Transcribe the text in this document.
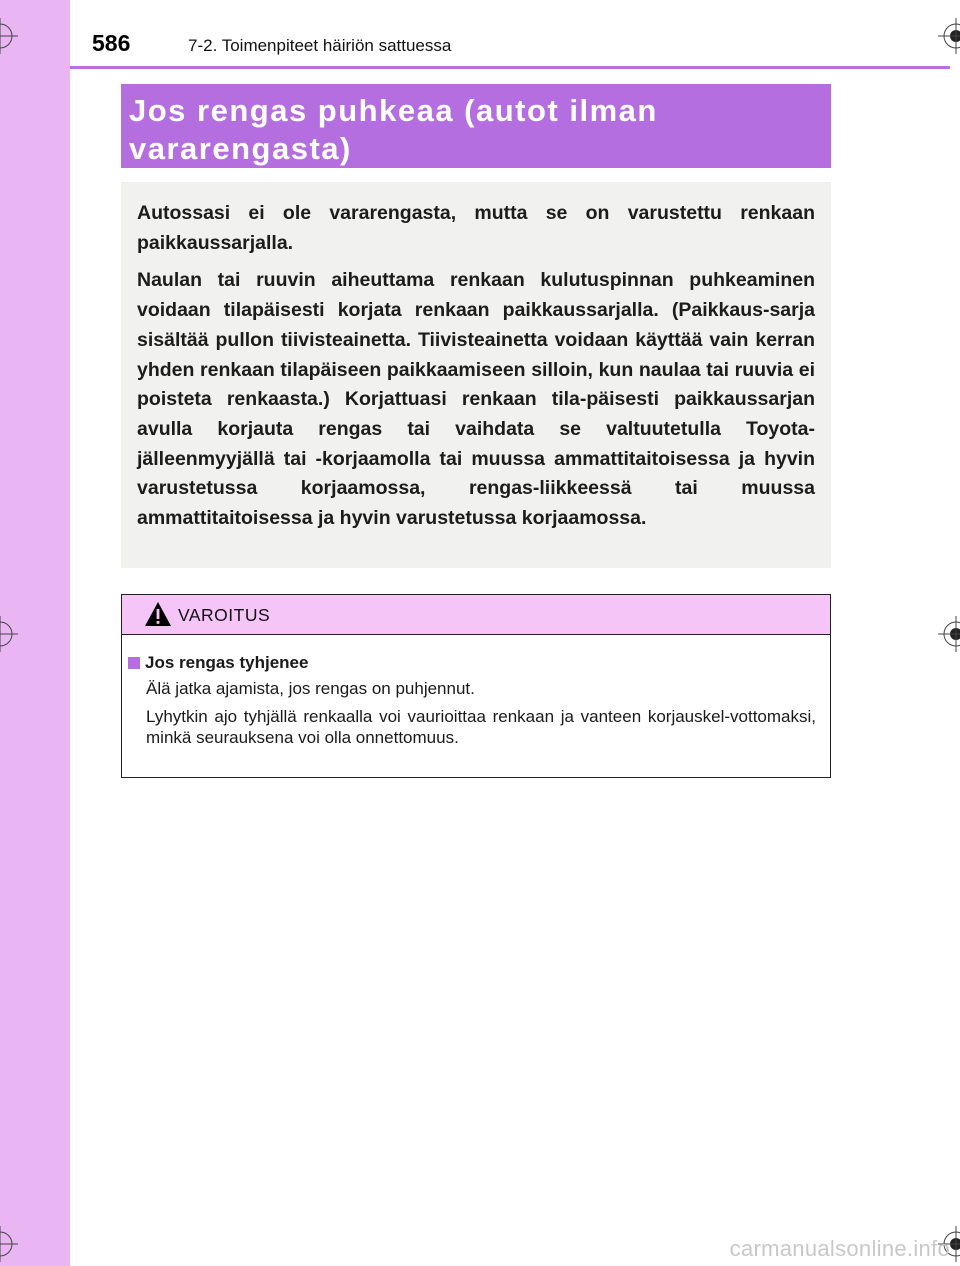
586	7-2. Toimenpiteet häiriön sattuessa

Jos rengas puhkeaa (autot ilman

vararengasta)

Autossasi ei ole vararengasta, mutta se on varustettu renkaan paikkaussarjalla.

Naulan tai ruuvin aiheuttama renkaan kulutuspinnan puhkeaminen voidaan tilapäisesti korjata renkaan paikkaussarjalla. (Paikkaus-sarja sisältää pullon tiivisteainetta. Tiivisteainetta voidaan käyttää vain kerran yhden renkaan tilapäiseen paikkaamiseen silloin, kun naulaa tai ruuvia ei poisteta renkaasta.) Korjattuasi renkaan tila-päisesti paikkaussarjan avulla korjauta rengas tai vaihdata se valtuutetulla Toyota-jälleenmyyjällä tai -korjaamolla tai muussa ammattitaitoisessa ja hyvin varustetussa korjaamossa, rengas-liikkeessä tai muussa ammattitaitoisessa ja hyvin varustetussa korjaamossa.

VAROITUS
Jos rengas tyhjenee

Älä jatka ajamista, jos rengas on puhjennut.

Lyhytkin ajo tyhjällä renkaalla voi vaurioittaa renkaan ja vanteen korjauskel-vottomaksi, minkä seurauksena voi olla onnettomuus.

carmanualsonline.info
